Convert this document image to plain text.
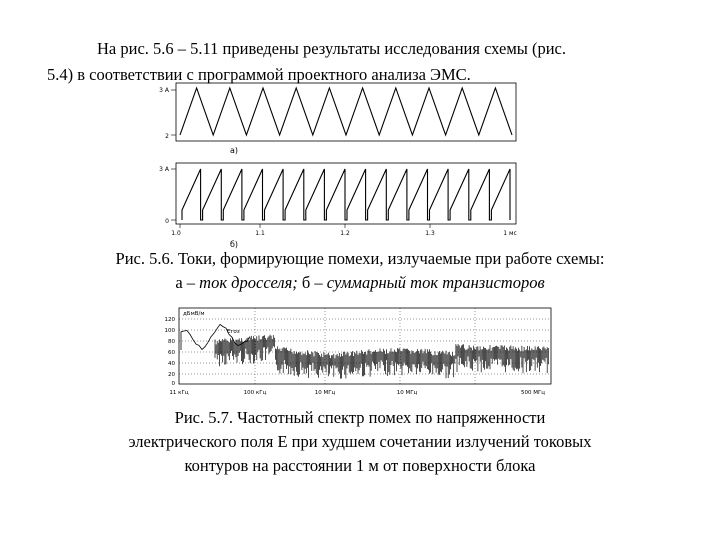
На рис. 5.6 – 5.11 приведены результаты исследования схемы (рис.
5.4) в соответствии с программой проектного анализа ЭМС.
3 А
2
а)
3 А
0
1.0	1.1	1.2	1.3	1 мс
б)
Рис. 5.6. Токи, формирующие помехи, излучаемые при работе схемы:
а – ток дросселя; б – суммарный ток транзисторов
дБмВ/м
120
100
80
60
40
20
0
Егоз
11 кГц	100 кГц	10 МГц	10 МГц	500 МГц
Рис. 5.7. Частотный спектр помех по напряженности
электрического поля Е при худшем сочетании излучений токовых
контуров на расстоянии 1 м от поверхности блока
